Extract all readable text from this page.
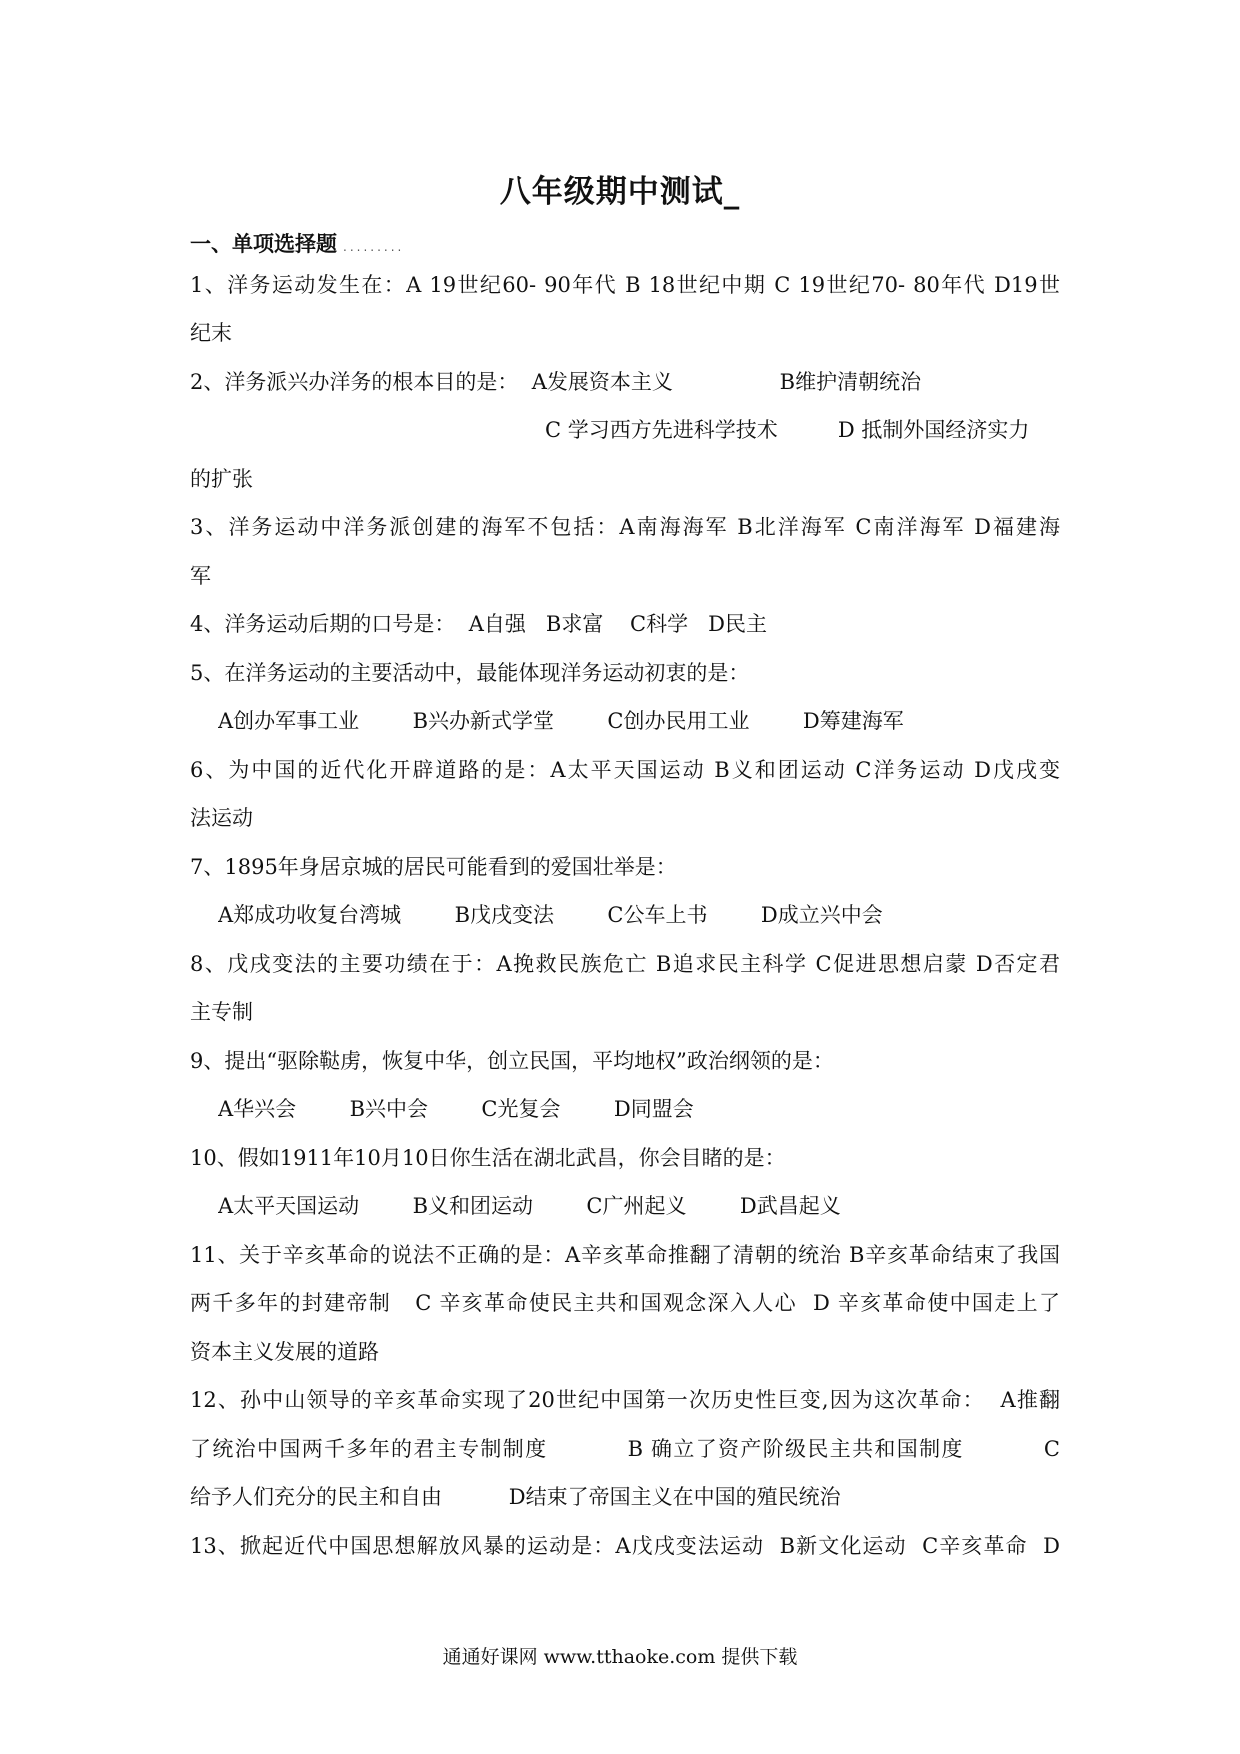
八年级期中测试_
一、单项选择题 .........
1、洋务运动发生在：A 19世纪60- 90年代 B 18世纪中期 C 19世纪70- 80年代 D19世
纪末
2、洋务派兴办洋务的根本目的是：  A发展资本主义                B维护清朝统治
C 学习西方先进科学技术         D 抵制外国经济实力
的扩张
3、洋务运动中洋务派创建的海军不包括：A南海海军 B北洋海军 C南洋海军 D福建海
军
4、洋务运动后期的口号是：  A自强   B求富    C科学   D民主
5、在洋务运动的主要活动中，最能体现洋务运动初衷的是：
A创办军事工业        B兴办新式学堂        C创办民用工业        D筹建海军
6、为中国的近代化开辟道路的是：A太平天国运动 B义和团运动 C洋务运动 D戊戌变
法运动
7、1895年身居京城的居民可能看到的爱国壮举是：
A郑成功收复台湾城        B戊戌变法        C公车上书        D成立兴中会
8、戊戌变法的主要功绩在于：A挽救民族危亡 B追求民主科学 C促进思想启蒙 D否定君
主专制
9、提出“驱除鞑虏，恢复中华，创立民国，平均地权”政治纲领的是：
A华兴会        B兴中会        C光复会        D同盟会
10、假如1911年10月10日你生活在湖北武昌，你会目睹的是：
A太平天国运动        B义和团运动        C广州起义        D武昌起义
11、关于辛亥革命的说法不正确的是：A辛亥革命推翻了清朝的统治 B辛亥革命结束了我国
两千多年的封建帝制   C 辛亥革命使民主共和国观念深入人心  D 辛亥革命使中国走上了
资本主义发展的道路
12、孙中山领导的辛亥革命实现了20世纪中国第一次历史性巨变,因为这次革命：  A推翻
了统治中国两千多年的君主专制制度          B 确立了资产阶级民主共和国制度          C
给予人们充分的民主和自由          D结束了帝国主义在中国的殖民统治
13、掀起近代中国思想解放风暴的运动是：A戊戌变法运动  B新文化运动  C辛亥革命  D
通通好课网 www.tthaoke.com 提供下载
